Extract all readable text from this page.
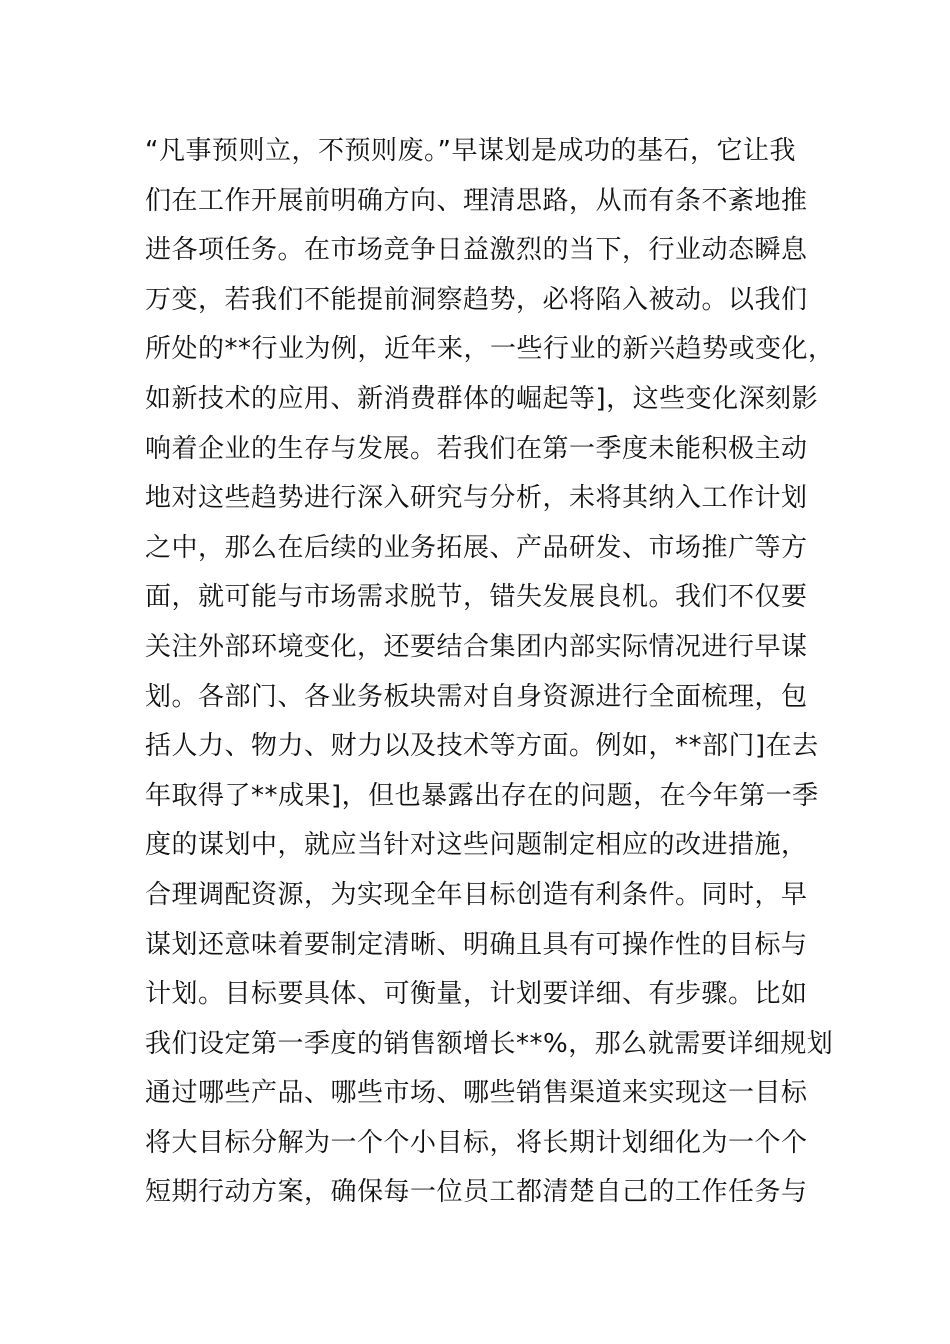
“凡事预则立，不预则废。”早谋划是成功的基石，它让我
们在工作开展前明确方向、理清思路，从而有条不紊地推
进各项任务。在市场竞争日益激烈的当下，行业动态瞬息
万变，若我们不能提前洞察趋势，必将陷入被动。以我们
所处的**行业为例，近年来，一些行业的新兴趋势或变化，
如新技术的应用、新消费群体的崛起等]，这些变化深刻影
响着企业的生存与发展。若我们在第一季度未能积极主动
地对这些趋势进行深入研究与分析，未将其纳入工作计划
之中，那么在后续的业务拓展、产品研发、市场推广等方
面，就可能与市场需求脱节，错失发展良机。我们不仅要
关注外部环境变化，还要结合集团内部实际情况进行早谋
划。各部门、各业务板块需对自身资源进行全面梳理，包
括人力、物力、财力以及技术等方面。例如，**部门]在去
年取得了**成果]，但也暴露出存在的问题，在今年第一季
度的谋划中，就应当针对这些问题制定相应的改进措施，
合理调配资源，为实现全年目标创造有利条件。同时，早
谋划还意味着要制定清晰、明确且具有可操作性的目标与
计划。目标要具体、可衡量，计划要详细、有步骤。比如
我们设定第一季度的销售额增长**%，那么就需要详细规划
通过哪些产品、哪些市场、哪些销售渠道来实现这一目标
将大目标分解为一个个小目标，将长期计划细化为一个个
短期行动方案，确保每一位员工都清楚自己的工作任务与
